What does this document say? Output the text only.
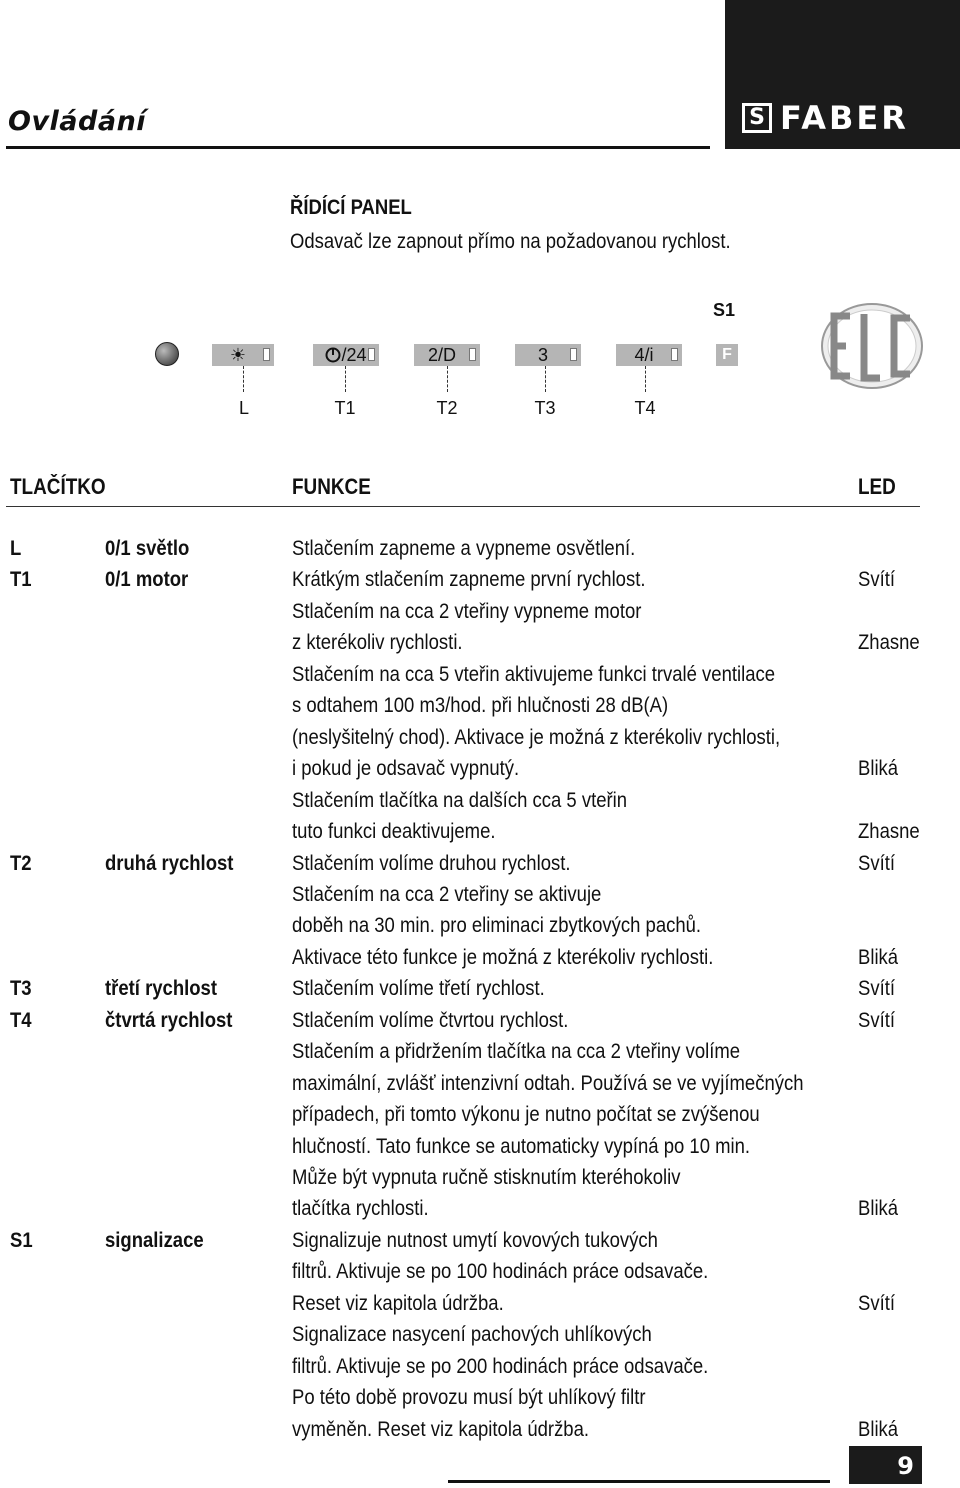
Ovládání	S FABER
ŘÍDÍCÍ PANEL
Odsavač lze zapnout přímo na požadovanou rychlost.
☀	/24	2/D	3	4/i
L	T1	T2	T3	T4
S1
F
TLAČÍTKO	FUNKCE	LED
L	0/1 světlo	Stlačením zapneme a vypneme osvětlení.
T1	0/1 motor	Krátkým stlačením zapneme první rychlost.	Svítí
Stlačením na cca 2 vteřiny vypneme motor
z kterékoliv rychlosti.	Zhasne
Stlačením na cca 5 vteřin aktivujeme funkci trvalé ventilace
s odtahem 100 m3/hod. při hlučnosti 28 dB(A)
(neslyšitelný chod). Aktivace je možná z kterékoliv rychlosti,
i pokud je odsavač vypnutý.	Bliká
Stlačením tlačítka na dalších cca 5 vteřin
tuto funkci deaktivujeme.	Zhasne
T2	druhá rychlost	Stlačením volíme druhou rychlost.	Svítí
Stlačením na cca 2 vteřiny se aktivuje
doběh na 30 min. pro eliminaci zbytkových pachů.
Aktivace této funkce je možná z kterékoliv rychlosti.	Bliká
T3	třetí rychlost	Stlačením volíme třetí rychlost.	Svítí
T4	čtvrtá rychlost	Stlačením volíme čtvrtou rychlost.	Svítí
Stlačením a přidržením tlačítka na cca 2 vteřiny volíme
maximální, zvlášť intenzivní odtah. Používá se ve vyjímečných
případech, při tomto výkonu je nutno počítat se zvýšenou
hlučností. Tato funkce se automaticky vypíná po 10 min.
Může být vypnuta ručně stisknutím kteréhokoliv
tlačítka rychlosti.	Bliká
S1	signalizace	Signalizuje nutnost umytí kovových tukových
filtrů. Aktivuje se po 100 hodinách práce odsavače.
Reset viz kapitola údržba.	Svítí
Signalizace nasycení pachových uhlíkových
filtrů. Aktivuje se po 200 hodinách práce odsavače.
Po této době provozu musí být uhlíkový filtr
vyměněn. Reset viz kapitola údržba.	Bliká
9
